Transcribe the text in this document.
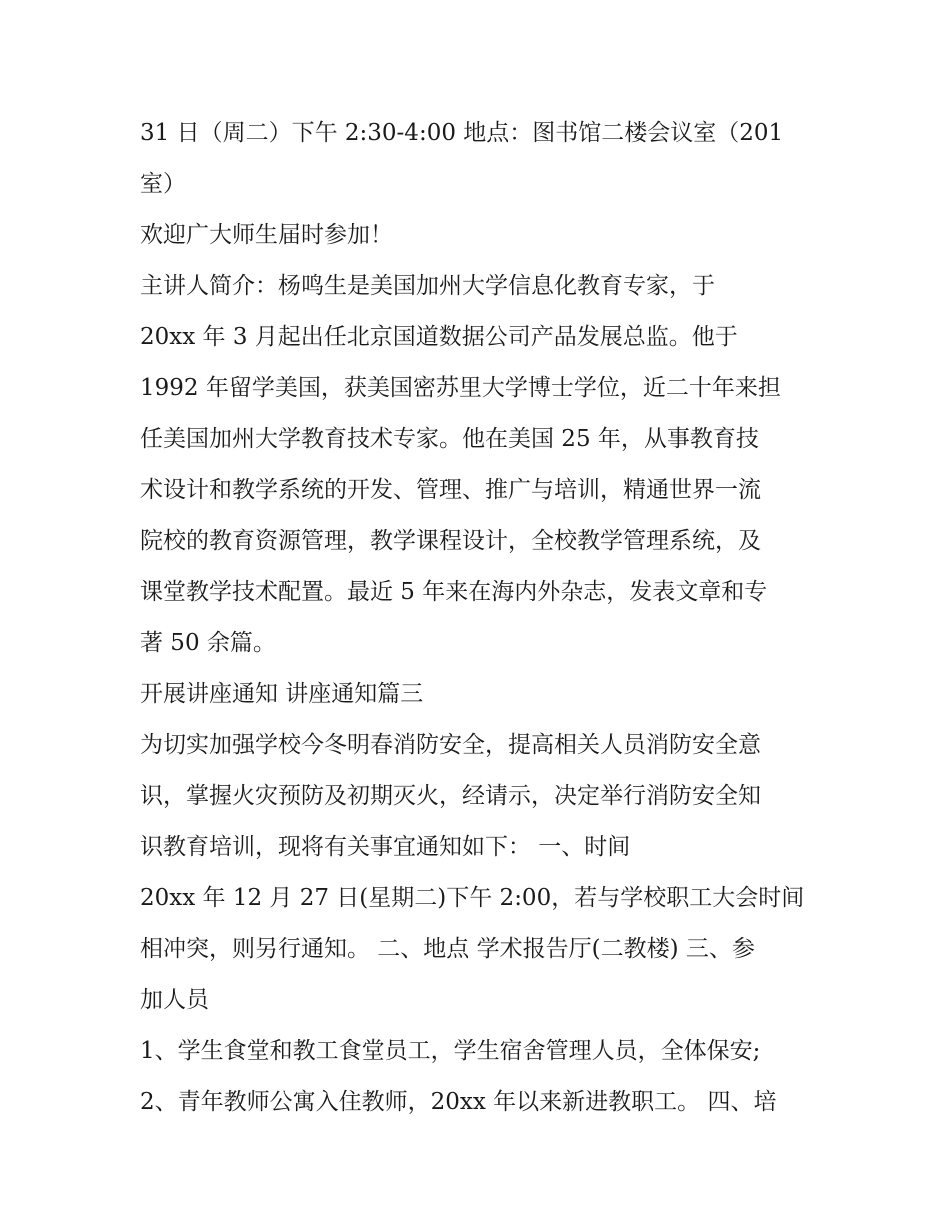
31 日（周二）下午 2:30-4:00 地点：图书馆二楼会议室（201
室）
欢迎广大师生届时参加！
主讲人简介：杨鸣生是美国加州大学信息化教育专家，于
20xx 年 3 月起出任北京国道数据公司产品发展总监。他于
1992 年留学美国，获美国密苏里大学博士学位，近二十年来担
任美国加州大学教育技术专家。他在美国 25 年，从事教育技
术设计和教学系统的开发、管理、推广与培训，精通世界一流
院校的教育资源管理，教学课程设计，全校教学管理系统，及
课堂教学技术配置。最近 5 年来在海内外杂志，发表文章和专
著 50 余篇。
开展讲座通知 讲座通知篇三
为切实加强学校今冬明春消防安全，提高相关人员消防安全意
识，掌握火灾预防及初期灭火，经请示，决定举行消防安全知
识教育培训，现将有关事宜通知如下： 一、时间
20xx 年 12 月 27 日(星期二)下午 2:00，若与学校职工大会时间
相冲突，则另行通知。 二、地点 学术报告厅(二教楼) 三、参
加人员
1、学生食堂和教工食堂员工，学生宿舍管理人员，全体保安;
2、青年教师公寓入住教师，20xx 年以来新进教职工。 四、培
